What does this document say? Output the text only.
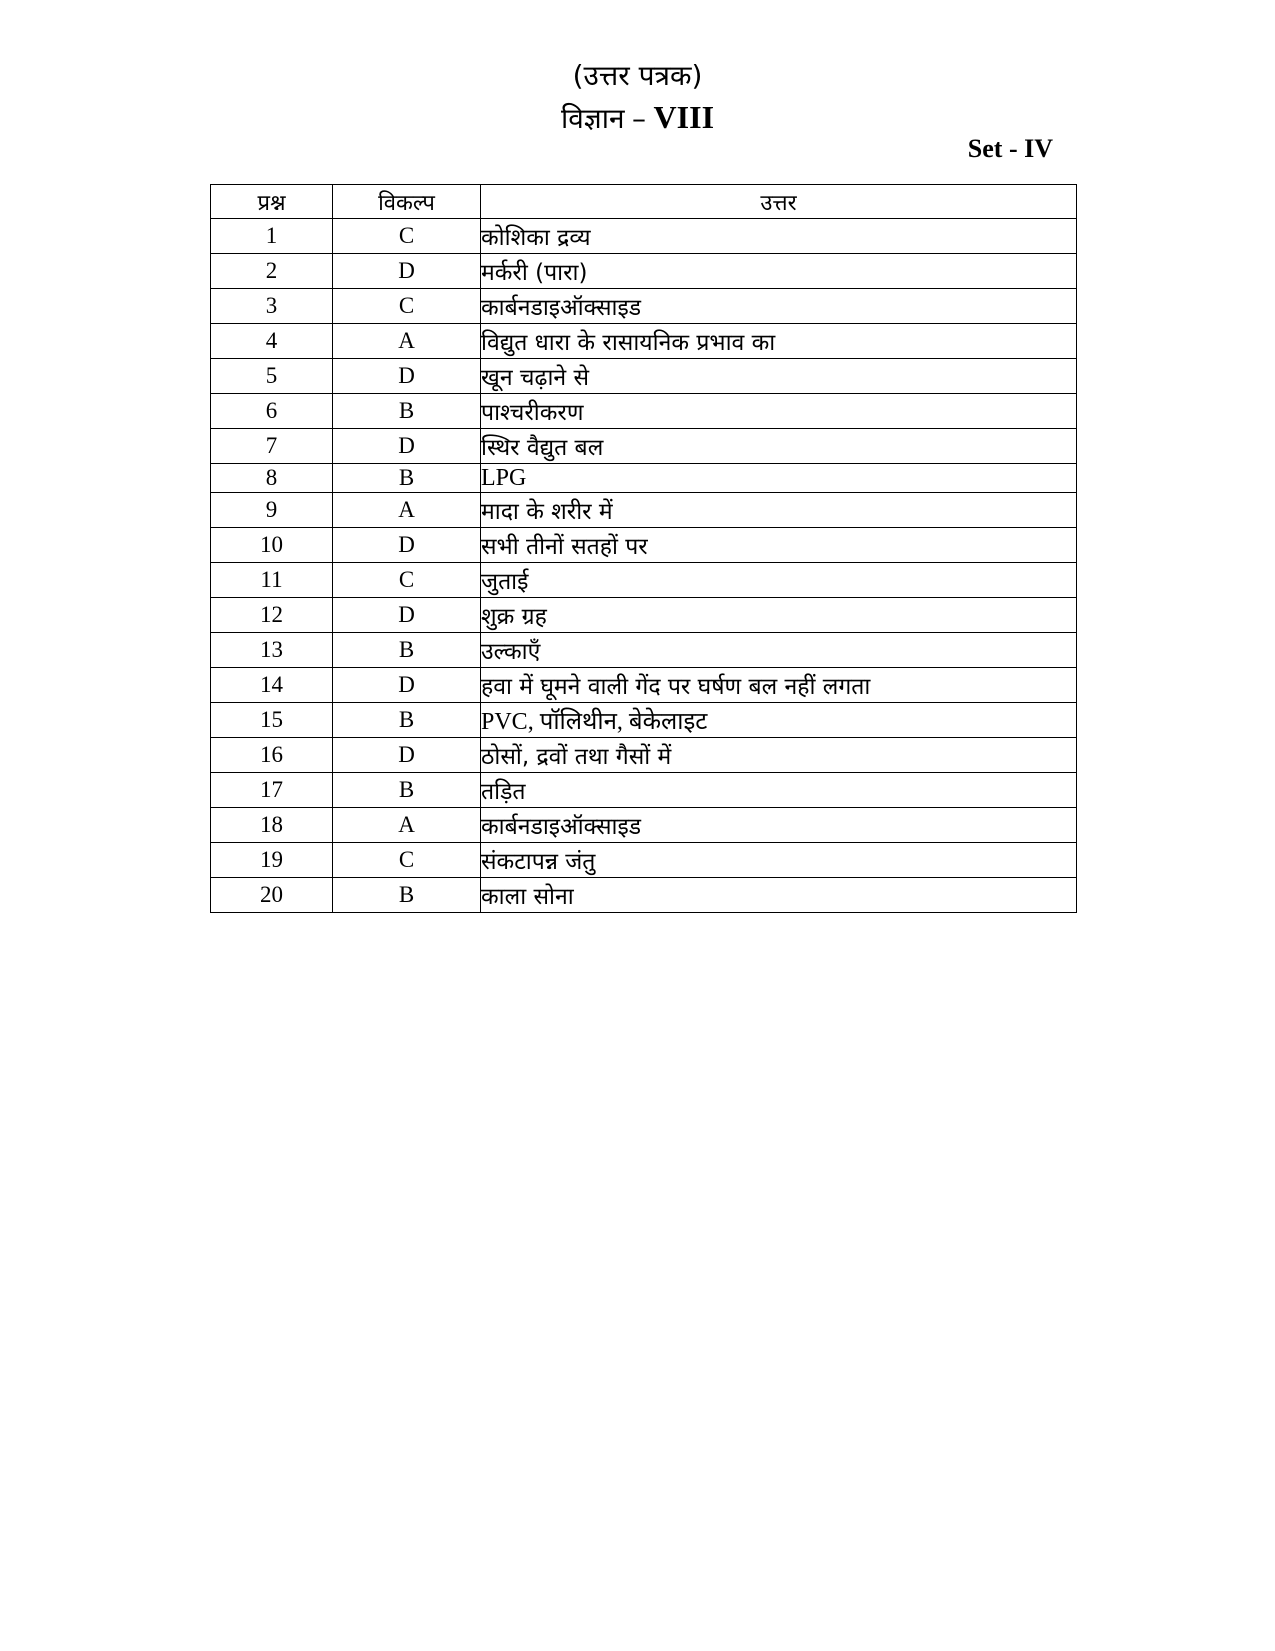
(उत्तर पत्रक)
विज्ञान – VIII
Set - IV
प्रश्न	विकल्प	उत्तर
1	C	कोशिका द्रव्य
2	D	मर्करी (पारा)
3	C	कार्बनडाइऑक्साइड
4	A	विद्युत धारा के रासायनिक प्रभाव का
5	D	खून चढ़ाने से
6	B	पाश्चरीकरण
7	D	स्थिर वैद्युत बल
8	B	LPG
9	A	मादा के शरीर में
10	D	सभी तीनों सतहों पर
11	C	जुताई
12	D	शुक्र ग्रह
13	B	उल्काएँ
14	D	हवा में घूमने वाली गेंद पर घर्षण बल नहीं लगता
15	B	PVC, पॉलिथीन, बेकेलाइट
16	D	ठोसों, द्रवों तथा गैसों में
17	B	तड़ित
18	A	कार्बनडाइऑक्साइड
19	C	संकटापन्न जंतु
20	B	काला सोना
